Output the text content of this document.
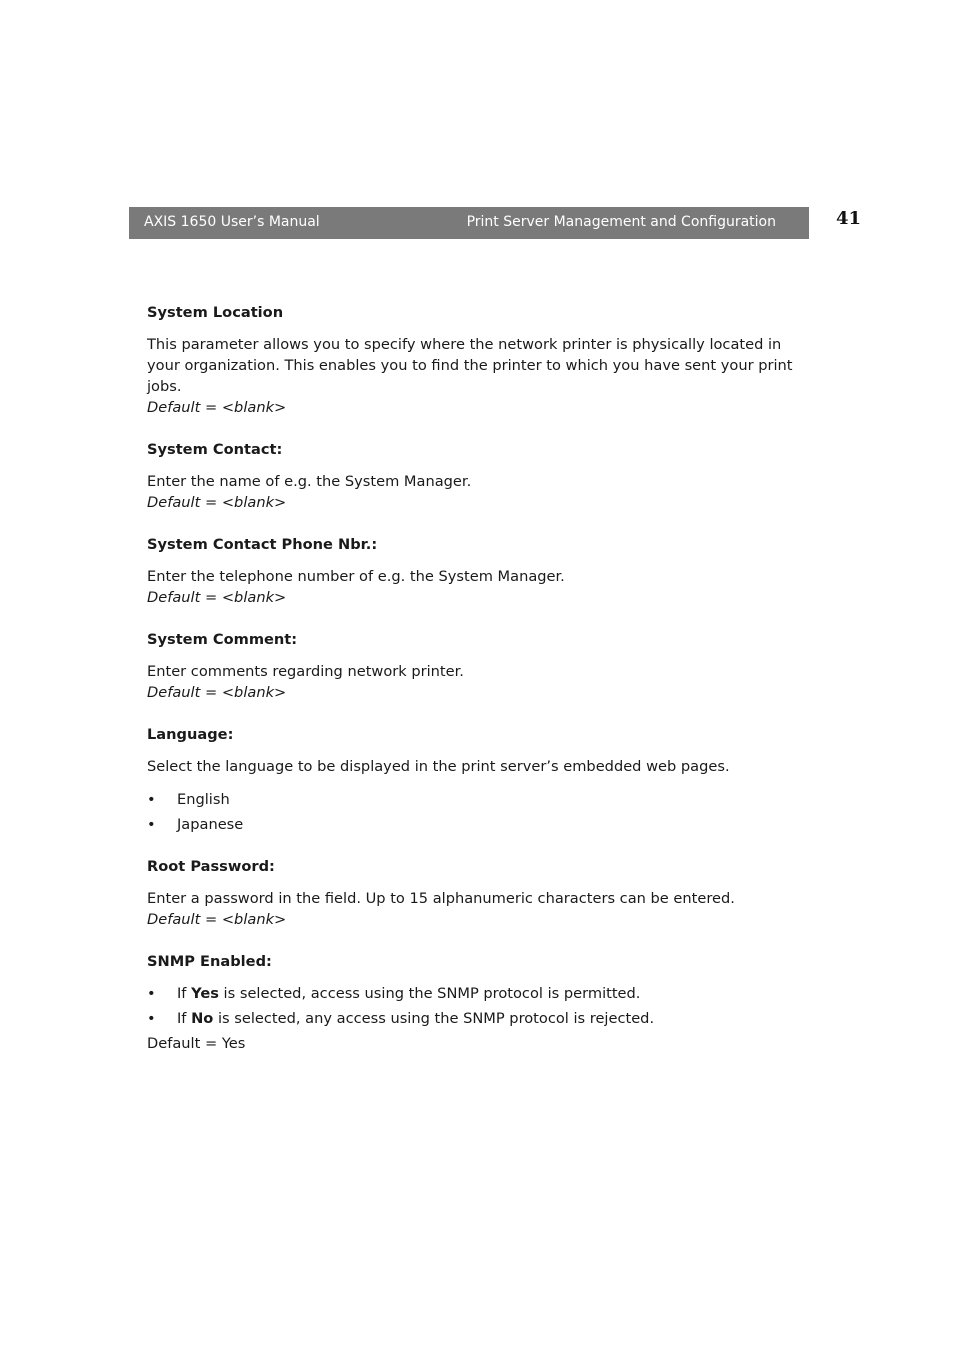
AXIS 1650 User’s Manual	Print Server Management and Configuration	41
System Location
This parameter allows you to specify where the network printer is physically located in your organization. This enables you to find the printer to which you have sent your print jobs.
Default = <blank>
System Contact:
Enter the name of e.g. the System Manager.
Default = <blank>
System Contact Phone Nbr.:
Enter the telephone number of e.g. the System Manager.
Default = <blank>
System Comment:
Enter comments regarding network printer.
Default = <blank>
Language:
Select the language to be displayed in the print server’s embedded web pages.
• English
• Japanese
Root Password:
Enter a password in the field. Up to 15 alphanumeric characters can be entered.
Default = <blank>
SNMP Enabled:
• If Yes is selected, access using the SNMP protocol is permitted.
• If No is selected, any access using the SNMP protocol is rejected.
Default = Yes
